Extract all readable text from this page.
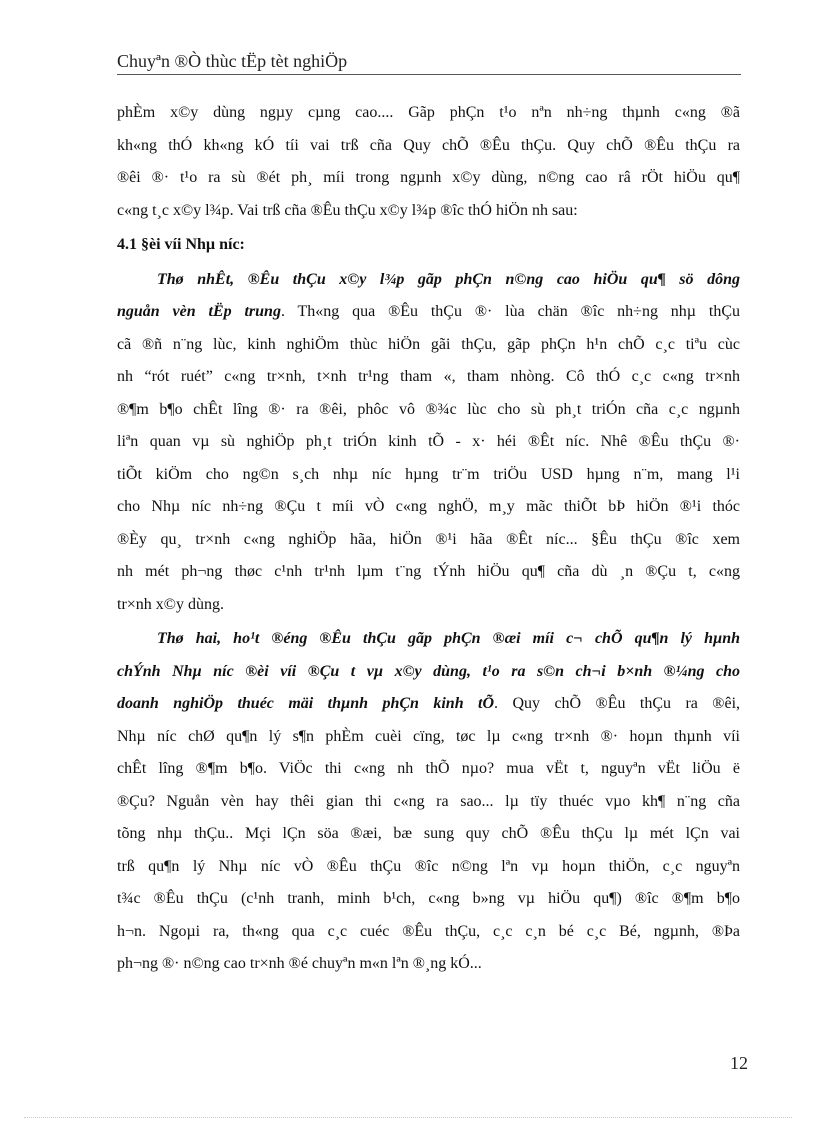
Chuyªn ®Ò thùc tËp tèt nghiÖp
phÈm x©y dùng ngµy cµng cao.... Gãp phÇn t¹o nªn nh÷ng thµnh c«ng ®ã
kh«ng thÓ kh«ng kÓ tíi vai trß cña Quy chÕ ®Êu thÇu. Quy chÕ ®Êu thÇu ra
®êi ®· t¹o ra sù ®ét ph¸ míi trong ngµnh x©y dùng, n©ng cao râ rÖt hiÖu qu¶
c«ng t¸c x©y l¾p. Vai trß cña ®Êu thÇu x©y l¾p ®îc thÓ hiÖn nh sau:
4.1 §èi víi Nhµ níc:
Thø nhÊt, ®Êu thÇu x©y l¾p gãp phÇn n©ng cao hiÖu qu¶ sö dông
nguån vèn tËp trung. Th«ng qua ®Êu thÇu ®· lùa chän ®îc nh÷ng nhµ thÇu
cã ®ñ n¨ng lùc, kinh nghiÖm thùc hiÖn gãi thÇu, gãp phÇn h¹n chÕ c¸c tiªu cùc
nh “rót ruét” c«ng tr×nh, t×nh tr¹ng tham «, tham nhòng. Cô thÓ c¸c c«ng tr×nh
®¶m b¶o chÊt lîng ®· ra ®êi, phôc vô ®¾c lùc cho sù ph¸t triÓn cña c¸c ngµnh
liªn quan vµ sù nghiÖp ph¸t triÓn kinh tÕ - x· héi ®Êt níc. Nhê ®Êu thÇu ®·
tiÕt kiÖm cho ng©n s¸ch nhµ níc hµng tr¨m triÖu USD hµng n¨m, mang l¹i
cho Nhµ níc nh÷ng ®Çu t míi vÒ c«ng nghÖ, m¸y mãc thiÕt bÞ hiÖn ®¹i thóc
®Èy qu¸ tr×nh c«ng nghiÖp hãa, hiÖn ®¹i hãa ®Êt níc... §Êu thÇu ®îc xem
nh mét ph¬ng thøc c¹nh tr¹nh lµm t¨ng tÝnh hiÖu qu¶ cña dù ¸n ®Çu t, c«ng
tr×nh x©y dùng.
Thø hai, ho¹t ®éng ®Êu thÇu gãp phÇn ®æi míi c¬ chÕ qu¶n lý hµnh
chÝnh Nhµ níc ®èi víi ®Çu t vµ x©y dùng, t¹o ra s©n ch¬i b×nh ®¼ng cho
doanh nghiÖp thuéc mäi thµnh phÇn kinh tÕ. Quy chÕ ®Êu thÇu ra ®êi,
Nhµ níc chØ qu¶n lý s¶n phÈm cuèi cïng, tøc lµ c«ng tr×nh ®· hoµn thµnh víi
chÊt lîng ®¶m b¶o. ViÖc thi c«ng nh thÕ nµo? mua vËt t, nguyªn vËt liÖu ë
®Çu? Nguån vèn hay thêi gian thi c«ng ra sao... lµ tïy thuéc vµo kh¶ n¨ng cña
tõng nhµ thÇu.. Mçi lÇn söa ®æi, bæ sung quy chÕ ®Êu thÇu lµ mét lÇn vai
trß qu¶n lý Nhµ níc vÒ ®Êu thÇu ®îc n©ng lªn vµ hoµn thiÖn, c¸c nguyªn
t¾c ®Êu thÇu (c¹nh tranh, minh b¹ch, c«ng b»ng vµ hiÖu qu¶) ®îc ®¶m b¶o
h¬n. Ngoµi ra, th«ng qua c¸c cuéc ®Êu thÇu, c¸c c¸n bé c¸c Bé, ngµnh, ®Þa
ph¬ng ®· n©ng cao tr×nh ®é chuyªn m«n lªn ®¸ng kÓ...
12
